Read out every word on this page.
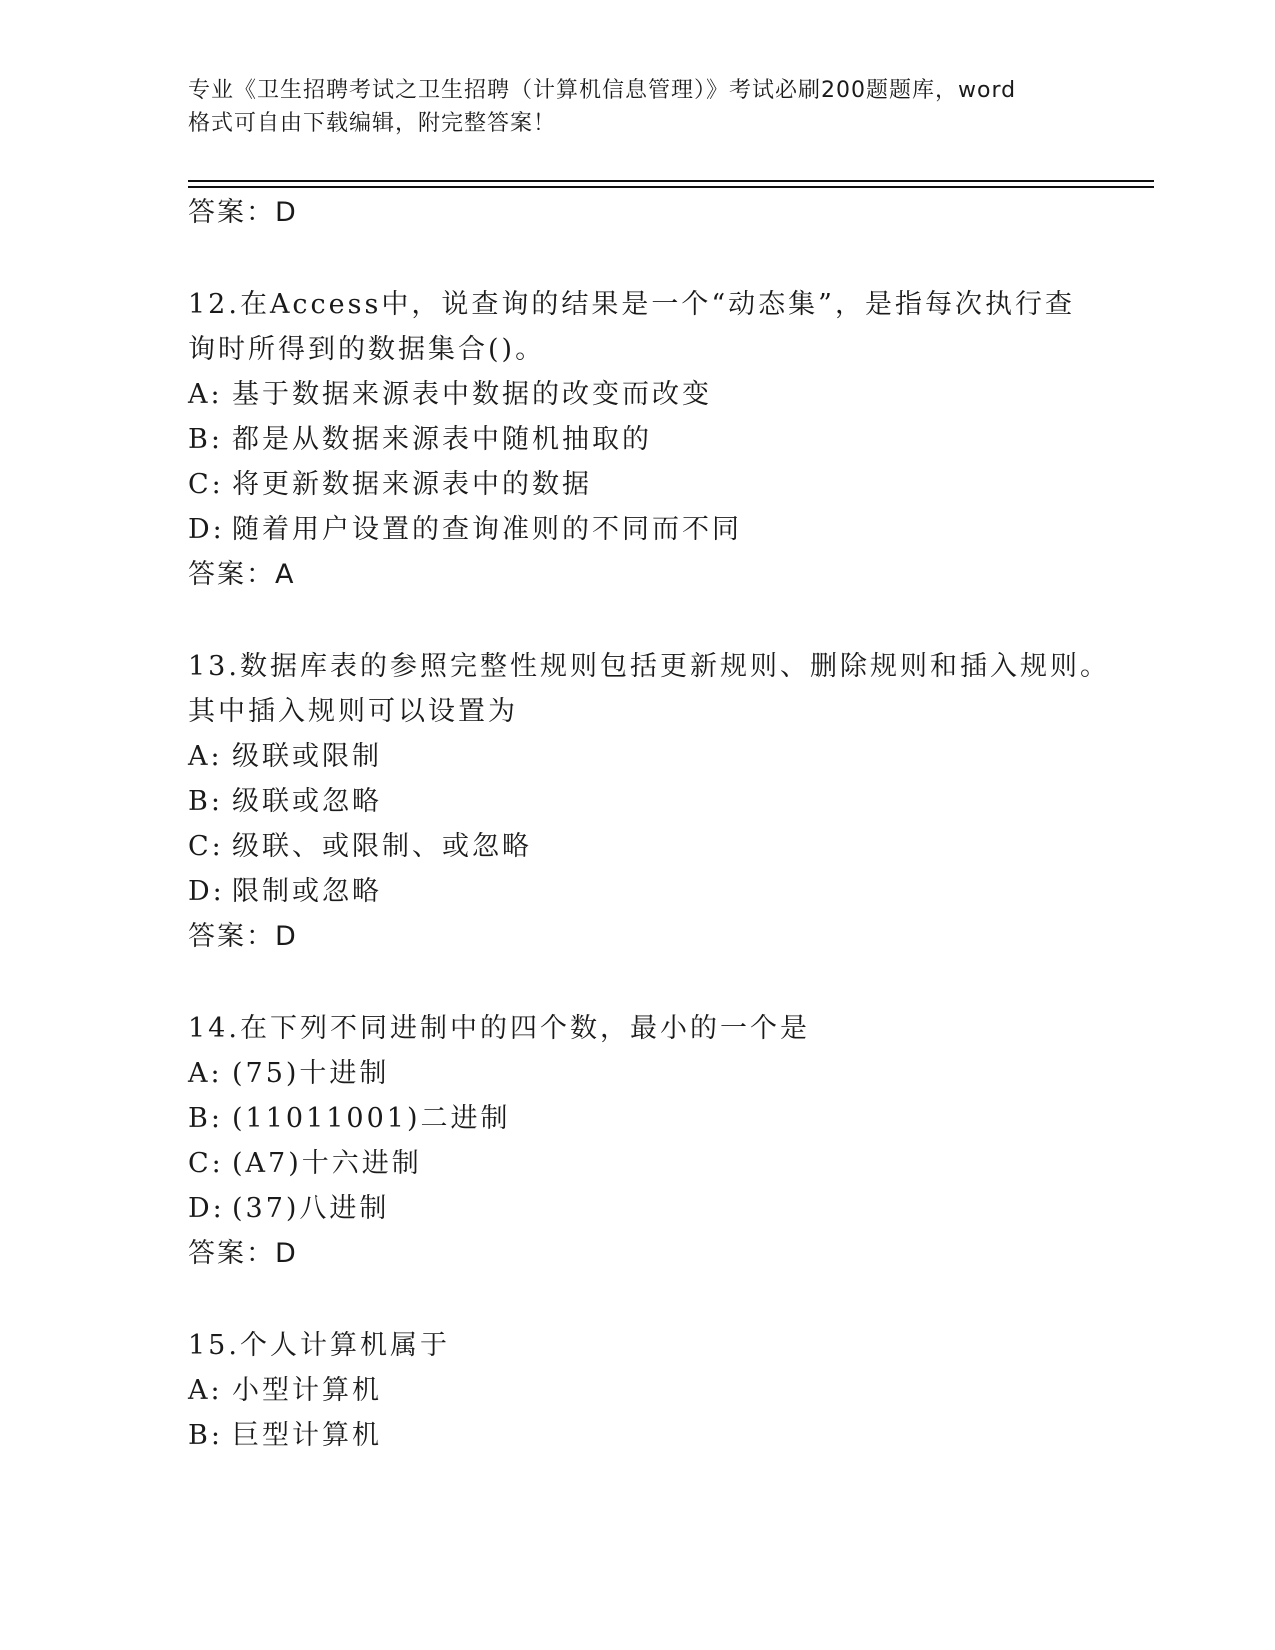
专业《卫生招聘考试之卫生招聘（计算机信息管理）》考试必刷200题题库，word
格式可自由下载编辑，附完整答案！

答案：D

12.在Access中，说查询的结果是一个“动态集”，是指每次执行查

询时所得到的数据集合()。

A: 基于数据来源表中数据的改变而改变

B: 都是从数据来源表中随机抽取的

C: 将更新数据来源表中的数据

D: 随着用户设置的查询准则的不同而不同

答案：A

13.数据库表的参照完整性规则包括更新规则、删除规则和插入规则。

其中插入规则可以设置为

A: 级联或限制

B: 级联或忽略

C: 级联、或限制、或忽略

D: 限制或忽略

答案：D

14.在下列不同进制中的四个数，最小的一个是

A: (75)十进制

B: (11011001)二进制

C: (A7)十六进制

D: (37)八进制

答案：D

15.个人计算机属于

A: 小型计算机

B: 巨型计算机
